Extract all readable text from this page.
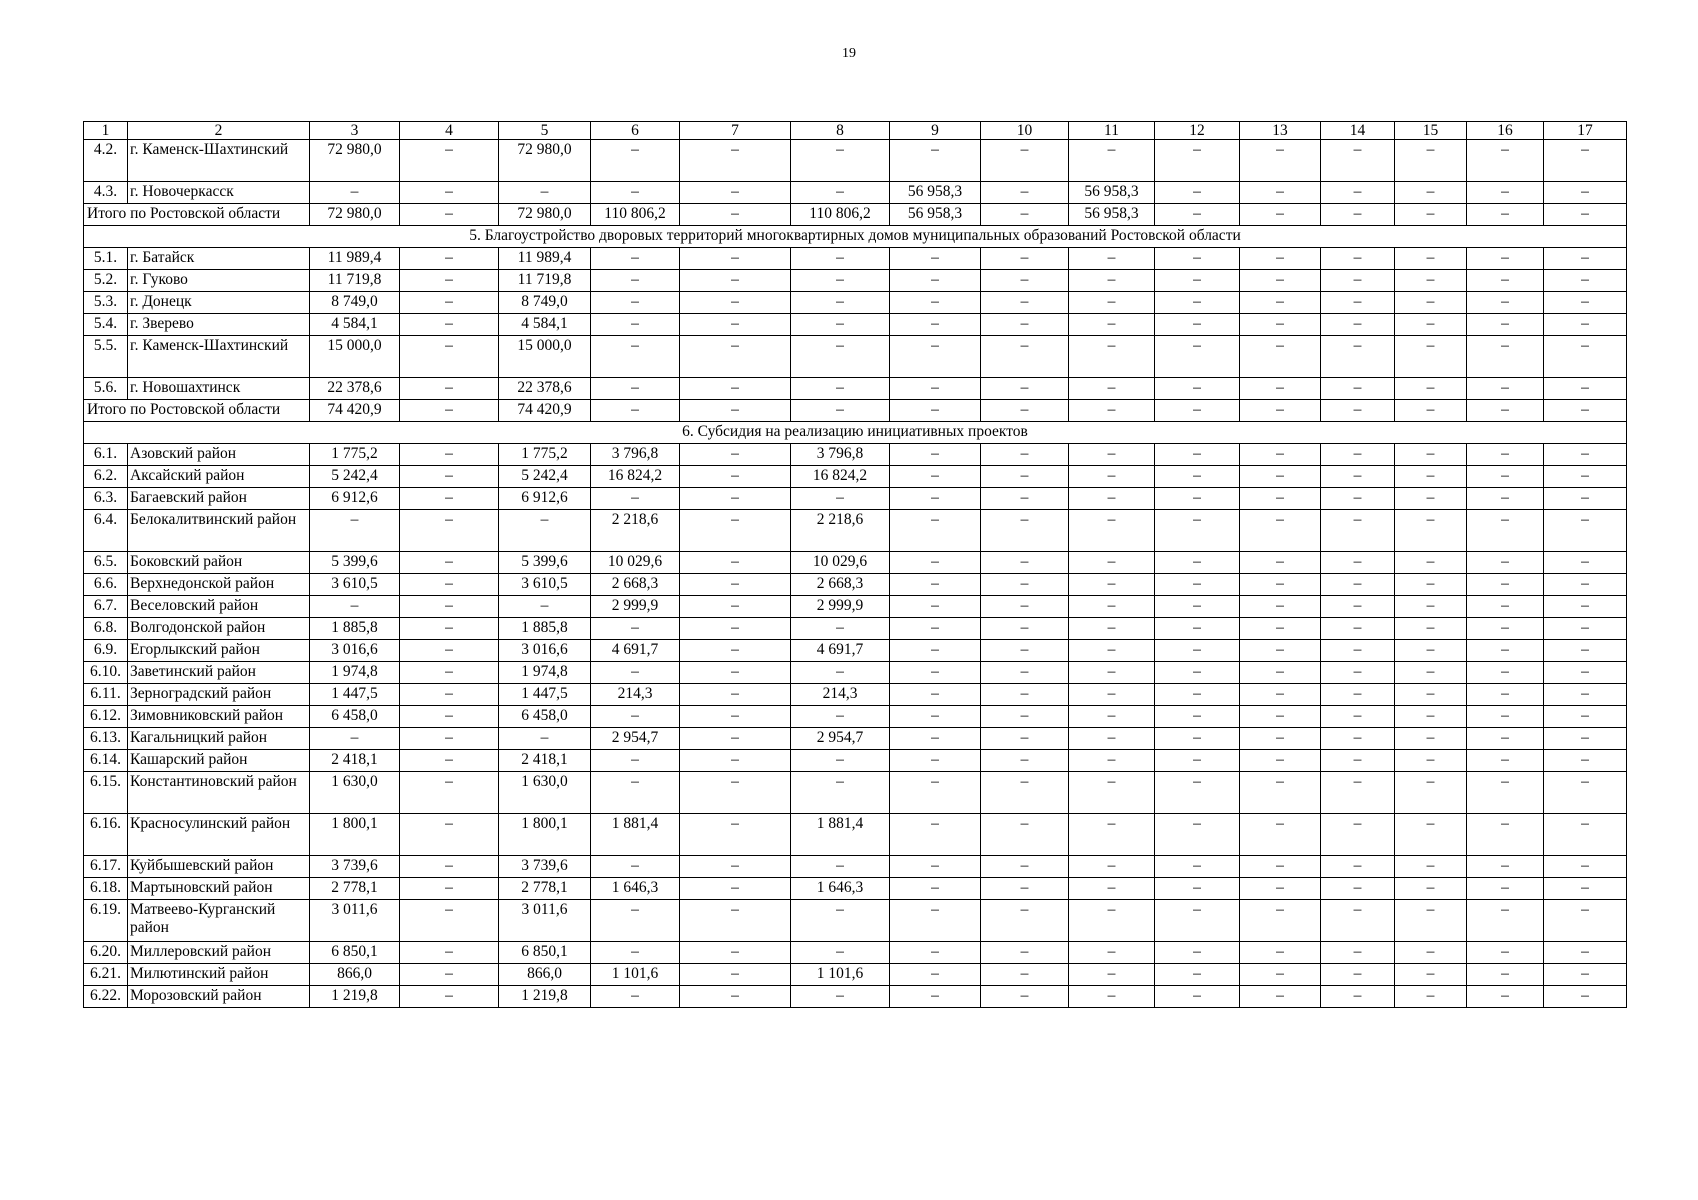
19
1	2	3	4	5	6	7	8	9	10	11	12	13	14	15	16	17
4.2.	г. Каменск-Шахтинский	72 980,0	–	72 980,0	–	–	–	–	–	–	–	–	–	–	–	–
4.3.	г. Новочеркасск	–	–	–	–	–	–	56 958,3	–	56 958,3	–	–	–	–	–	–
Итого по Ростовской области		72 980,0	–	72 980,0	110 806,2	–	110 806,2	56 958,3	–	56 958,3	–	–	–	–	–	–
5. Благоустройство дворовых территорий многоквартирных домов муниципальных образований Ростовской области																
5.1.	г. Батайск	11 989,4	–	11 989,4	–	–	–	–	–	–	–	–	–	–	–	–
5.2.	г. Гуково	11 719,8	–	11 719,8	–	–	–	–	–	–	–	–	–	–	–	–
5.3.	г. Донецк	8 749,0	–	8 749,0	–	–	–	–	–	–	–	–	–	–	–	–
5.4.	г. Зверево	4 584,1	–	4 584,1	–	–	–	–	–	–	–	–	–	–	–	–
5.5.	г. Каменск-Шахтинский	15 000,0	–	15 000,0	–	–	–	–	–	–	–	–	–	–	–	–
5.6.	г. Новошахтинск	22 378,6	–	22 378,6	–	–	–	–	–	–	–	–	–	–	–	–
Итого по Ростовской области		74 420,9	–	74 420,9	–	–	–	–	–	–	–	–	–	–	–	–
6. Субсидия на реализацию инициативных проектов																
6.1.	Азовский район	1 775,2	–	1 775,2	3 796,8	–	3 796,8	–	–	–	–	–	–	–	–	–
6.2.	Аксайский район	5 242,4	–	5 242,4	16 824,2	–	16 824,2	–	–	–	–	–	–	–	–	–
6.3.	Багаевский район	6 912,6	–	6 912,6	–	–	–	–	–	–	–	–	–	–	–	–
6.4.	Белокалитвинский район	–	–	–	2 218,6	–	2 218,6	–	–	–	–	–	–	–	–	–
6.5.	Боковский район	5 399,6	–	5 399,6	10 029,6	–	10 029,6	–	–	–	–	–	–	–	–	–
6.6.	Верхнедонской район	3 610,5	–	3 610,5	2 668,3	–	2 668,3	–	–	–	–	–	–	–	–	–
6.7.	Веселовский район	–	–	–	2 999,9	–	2 999,9	–	–	–	–	–	–	–	–	–
6.8.	Волгодонской район	1 885,8	–	1 885,8	–	–	–	–	–	–	–	–	–	–	–	–
6.9.	Егорлыкский район	3 016,6	–	3 016,6	4 691,7	–	4 691,7	–	–	–	–	–	–	–	–	–
6.10.	Заветинский район	1 974,8	–	1 974,8	–	–	–	–	–	–	–	–	–	–	–	–
6.11.	Зерноградский район	1 447,5	–	1 447,5	214,3	–	214,3	–	–	–	–	–	–	–	–	–
6.12.	Зимовниковский район	6 458,0	–	6 458,0	–	–	–	–	–	–	–	–	–	–	–	–
6.13.	Кагальницкий район	–	–	–	2 954,7	–	2 954,7	–	–	–	–	–	–	–	–	–
6.14.	Кашарский район	2 418,1	–	2 418,1	–	–	–	–	–	–	–	–	–	–	–	–
6.15.	Константиновский район	1 630,0	–	1 630,0	–	–	–	–	–	–	–	–	–	–	–	–
6.16.	Красносулинский район	1 800,1	–	1 800,1	1 881,4	–	1 881,4	–	–	–	–	–	–	–	–	–
6.17.	Куйбышевский район	3 739,6	–	3 739,6	–	–	–	–	–	–	–	–	–	–	–	–
6.18.	Мартыновский район	2 778,1	–	2 778,1	1 646,3	–	1 646,3	–	–	–	–	–	–	–	–	–
6.19.	Матвеево-Курганский район	3 011,6	–	3 011,6	–	–	–	–	–	–	–	–	–	–	–	–
6.20.	Миллеровский район	6 850,1	–	6 850,1	–	–	–	–	–	–	–	–	–	–	–	–
6.21.	Милютинский район	866,0	–	866,0	1 101,6	–	1 101,6	–	–	–	–	–	–	–	–	–
6.22.	Морозовский район	1 219,8	–	1 219,8	–	–	–	–	–	–	–	–	–	–	–	–
